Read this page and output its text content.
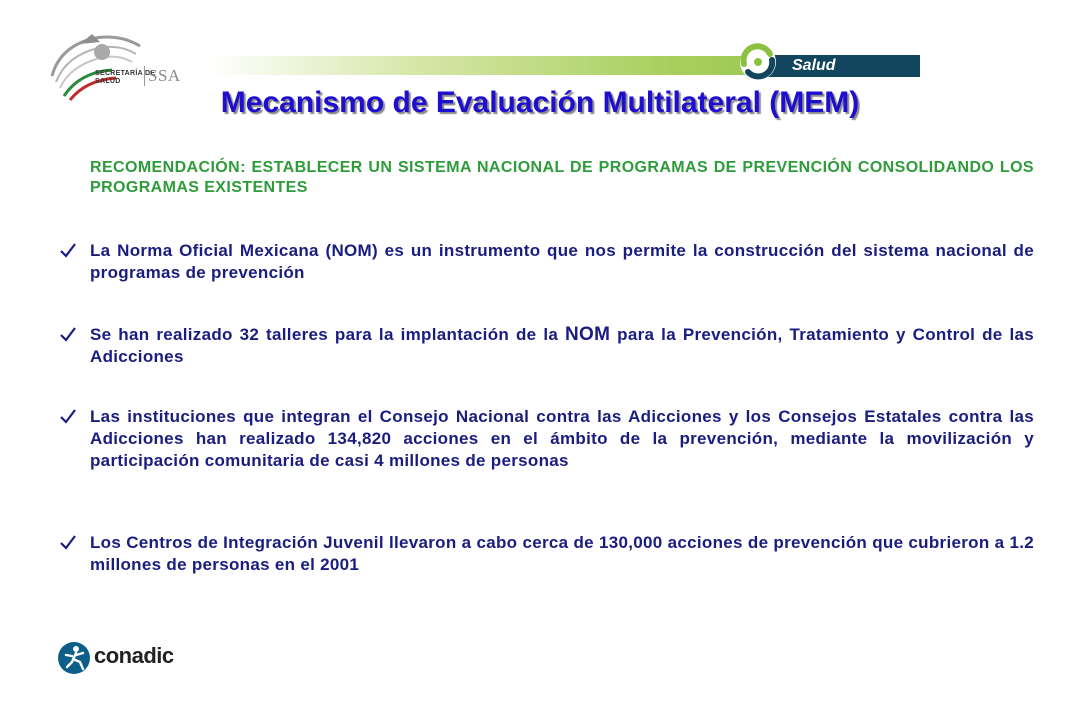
SECRETARÍA DE
SALUD	SSA
Salud
Mecanismo de Evaluación Multilateral (MEM)
RECOMENDACIÓN: ESTABLECER UN SISTEMA NACIONAL DE PROGRAMAS DE PREVENCIÓN CONSOLIDANDO LOS PROGRAMAS EXISTENTES
La Norma Oficial Mexicana (NOM) es un instrumento que nos permite la construcción del sistema nacional de programas de prevención
Se han realizado 32 talleres para la implantación de la NOM para la Prevención, Tratamiento y Control de las Adicciones
Las instituciones que integran el Consejo Nacional contra las Adicciones y los Consejos Estatales contra las Adicciones han realizado 134,820 acciones en el ámbito de la prevención, mediante la movilización y participación comunitaria de casi 4 millones de personas
Los Centros de Integración Juvenil llevaron a cabo cerca de 130,000 acciones de prevención que cubrieron a 1.2 millones de personas en el 2001
conadic
